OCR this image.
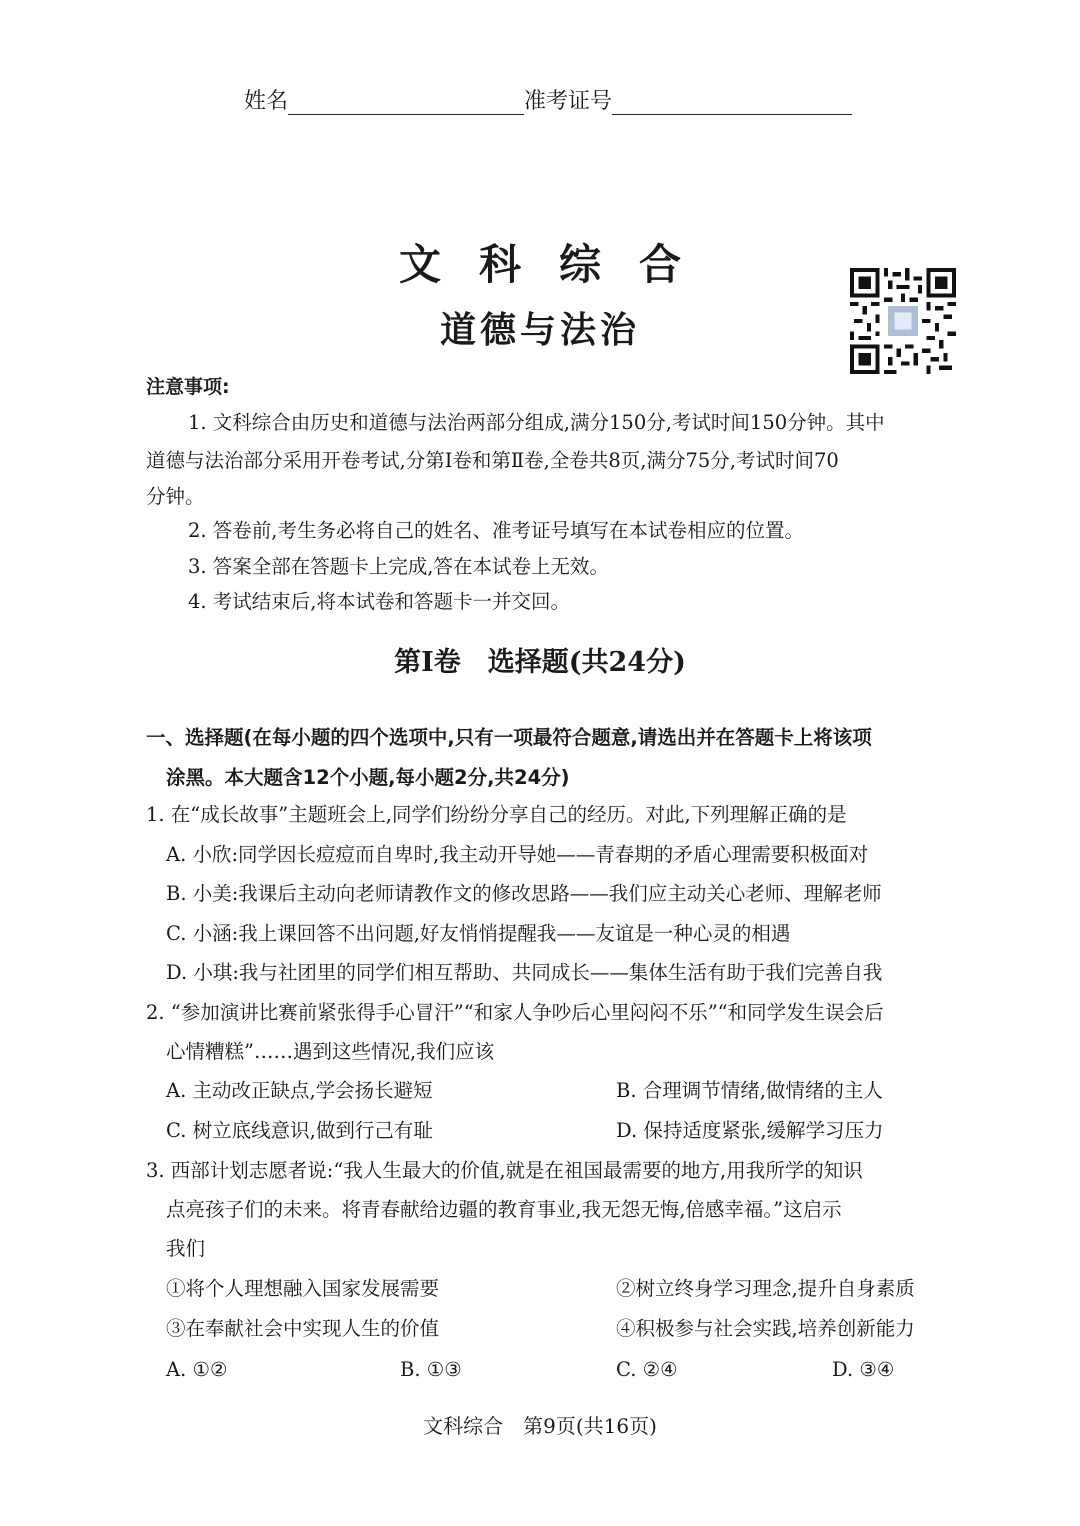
姓名	准考证号
文科综合
道德与法治
注意事项:
1. 文科综合由历史和道德与法治两部分组成,满分150分,考试时间150分钟。其中
道德与法治部分采用开卷考试,分第Ⅰ卷和第Ⅱ卷,全卷共8页,满分75分,考试时间70
分钟。
2. 答卷前,考生务必将自己的姓名、准考证号填写在本试卷相应的位置。
3. 答案全部在答题卡上完成,答在本试卷上无效。
4. 考试结束后,将本试卷和答题卡一并交回。
第Ⅰ卷　选择题(共24分)
一、选择题(在每小题的四个选项中,只有一项最符合题意,请选出并在答题卡上将该项
涂黑。本大题含12个小题,每小题2分,共24分)
1. 在“成长故事”主题班会上,同学们纷纷分享自己的经历。对此,下列理解正确的是
A. 小欣:同学因长痘痘而自卑时,我主动开导她——青春期的矛盾心理需要积极面对
B. 小美:我课后主动向老师请教作文的修改思路——我们应主动关心老师、理解老师
C. 小涵:我上课回答不出问题,好友悄悄提醒我——友谊是一种心灵的相遇
D. 小琪:我与社团里的同学们相互帮助、共同成长——集体生活有助于我们完善自我
2. “参加演讲比赛前紧张得手心冒汗”“和家人争吵后心里闷闷不乐”“和同学发生误会后
心情糟糕”……遇到这些情况,我们应该
A. 主动改正缺点,学会扬长避短	B. 合理调节情绪,做情绪的主人
C. 树立底线意识,做到行己有耻	D. 保持适度紧张,缓解学习压力
3. 西部计划志愿者说:“我人生最大的价值,就是在祖国最需要的地方,用我所学的知识
点亮孩子们的未来。将青春献给边疆的教育事业,我无怨无悔,倍感幸福。”这启示
我们
①将个人理想融入国家发展需要	②树立终身学习理念,提升自身素质
③在奉献社会中实现人生的价值	④积极参与社会实践,培养创新能力
A. ①②	B. ①③	C. ②④	D. ③④
文科综合　第9页(共16页)
